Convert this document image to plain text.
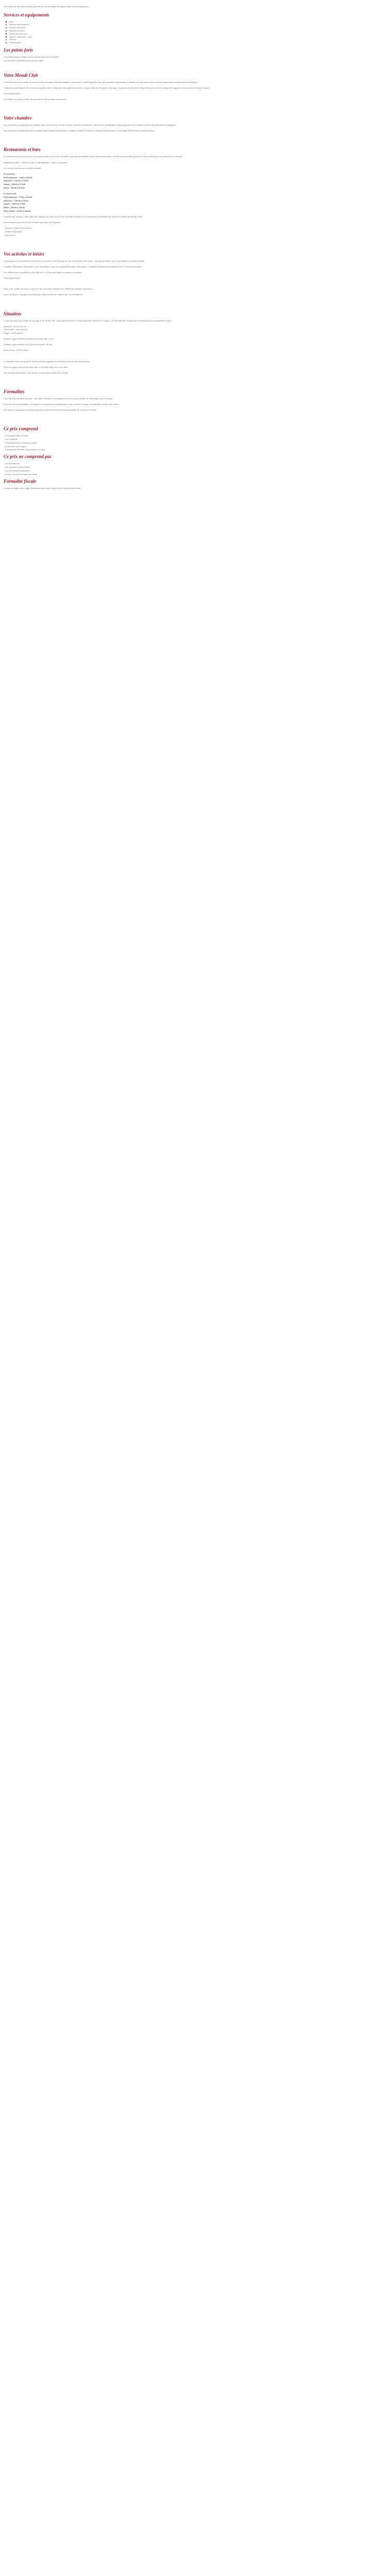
Ce court texte est d'information generale sur les modalites de sejour et les services proposes.

Services et equipements
Wifi
Service petit-dejeuner
Piscine exterieure
Piscine interieure
Centre de bien-etre
Sauna - Hammam - Spa
Fitness
Climatisation
Les points forts

Les points forts de l'hotel et de son environnement immediat.

Les services et activites proposes sur place.

Votre Mondi Club

L'hotel est situe a proximite du centre et des principaux sites touristiques. Il propose un cadre agreable pour des vacances reposantes en famille ou entre amis, avec un acces rapide aux commerces et aux plages.

L'etablissement dispose de nombreux equipements : restaurant, bar, piscine exterieure, espace bien-etre et jardin amenage. Le personnel est a votre disposition pour vous renseigner et organiser vos excursions dans la region.

Tous equipements

A consulter sur place la liste des services et des horaires d'ouverture.

Votre chambre

Les chambres sont equipees de salle de bain avec douche, seche-cheveux, television, telephone, coffre-fort et climatisation. Elles disposent d'un balcon ou d'une terrasse selon la categorie.

Les chambres familiales peuvent accueillir jusqu'a quatre personnes. Le linge de toilette est fourni et change regulierement. Le menage est effectue quotidiennement.

Restaurants et bars

Le restaurant principal propose une cuisine variee sous forme de buffet, avec des specialites locales et internationales. Un bar vous accueille en journee et en soiree pour vos boissons et cocktails.

Restaurant buffet - Cuisine locale et internationale - Snack en journee.

Les horaires de service sont les suivants :

En semaine :

Petit-dejeuner : 7h00 a 10h00

Dejeuner : 12h30 a 14h30

Snack : 15h00 a 17h30

Diner : 19h00 a 21h30

Le week-end :

Petit-dejeuner : 7h30 a 10h30

Dejeuner : 12h30 a 14h30

Snack : 15h00 a 17h30

Diner : 19h00 a 22h00

Diner tardif : 22h00 a minuit

Formule tout compris : petit-dejeuner, dejeuner et diner sous forme de buffet, boissons non alcoolisees et selection de boissons locales servies au verre.

Les boissons importees et les cocktails speciaux sont payants.

- Boissons chaudes et fraiches

- Snacks en journee

- Vins locaux

Vos activites et loisirs

Un programme d'animations en journee et en soiree vous est propose tout au long de votre sejour : activites sportives, jeux, spectacles et soirees a theme.

L'equipe d'animation francophone vous accueille et vous accompagne pendant votre sejour. Certaines activites sont payantes et se reservent sur place.

Les enfants sont accueillis au mini-club de 4 a 12 ans pendant les vacances scolaires.

Tous equipements

Pour votre confort, pensez a emporter des vetements adaptes aux differentes activites proposees.

Cours de fitness, aquagym et stretching sont proposes en matinee par nos animateurs.

Situation

L'hotel est situe a proximite de la plage et du centre-ville. L'aeroport se trouve a environ quarante minutes en voiture. Les commerces, restaurants et animations sont accessibles a pied.

Aeroport : environ 40 km

Centre-ville : environ 2 km

Plage : a 300 metres

Distance approximative de l'hotel au centre-ville : 2 km.

Distance approximative de l'hotel a l'aeroport : 40 km.

Arret de bus : a 200 metres.

Le transfert entre l'aeroport et l'hotel peut etre organise sur demande lors de votre reservation.

Pour les sejours de plus de sept nuits, le transfert aller-retour est offert.

Les horaires de transfert vous seront communiques avant votre depart.

Formalites

Pour les ressortissants francais : une carte d'identite ou un passeport en cours de validite est necessaire pour ce sejour.

Pour les autres nationalites, renseignez-vous aupres de l'ambassade ou du consulat du pays de destination avant votre depart.

Les mineurs voyageant sans leurs parents doivent etre munis d'une autorisation de sortie du territoire.

Ce prix comprend

- Le transport aller et retour

- Les transferts

- L'hebergement en chambre double

- La formule tout compris

- L'assistance de notre representant sur place

Ce prix ne comprend pas

- Les assurances

- Les depenses personnelles

- Les excursions facultatives

- La taxe de sejour a regler sur place

Formalite fiscale

La taxe de sejour est a regler directement sur place aupres de la reception de l'hotel.
